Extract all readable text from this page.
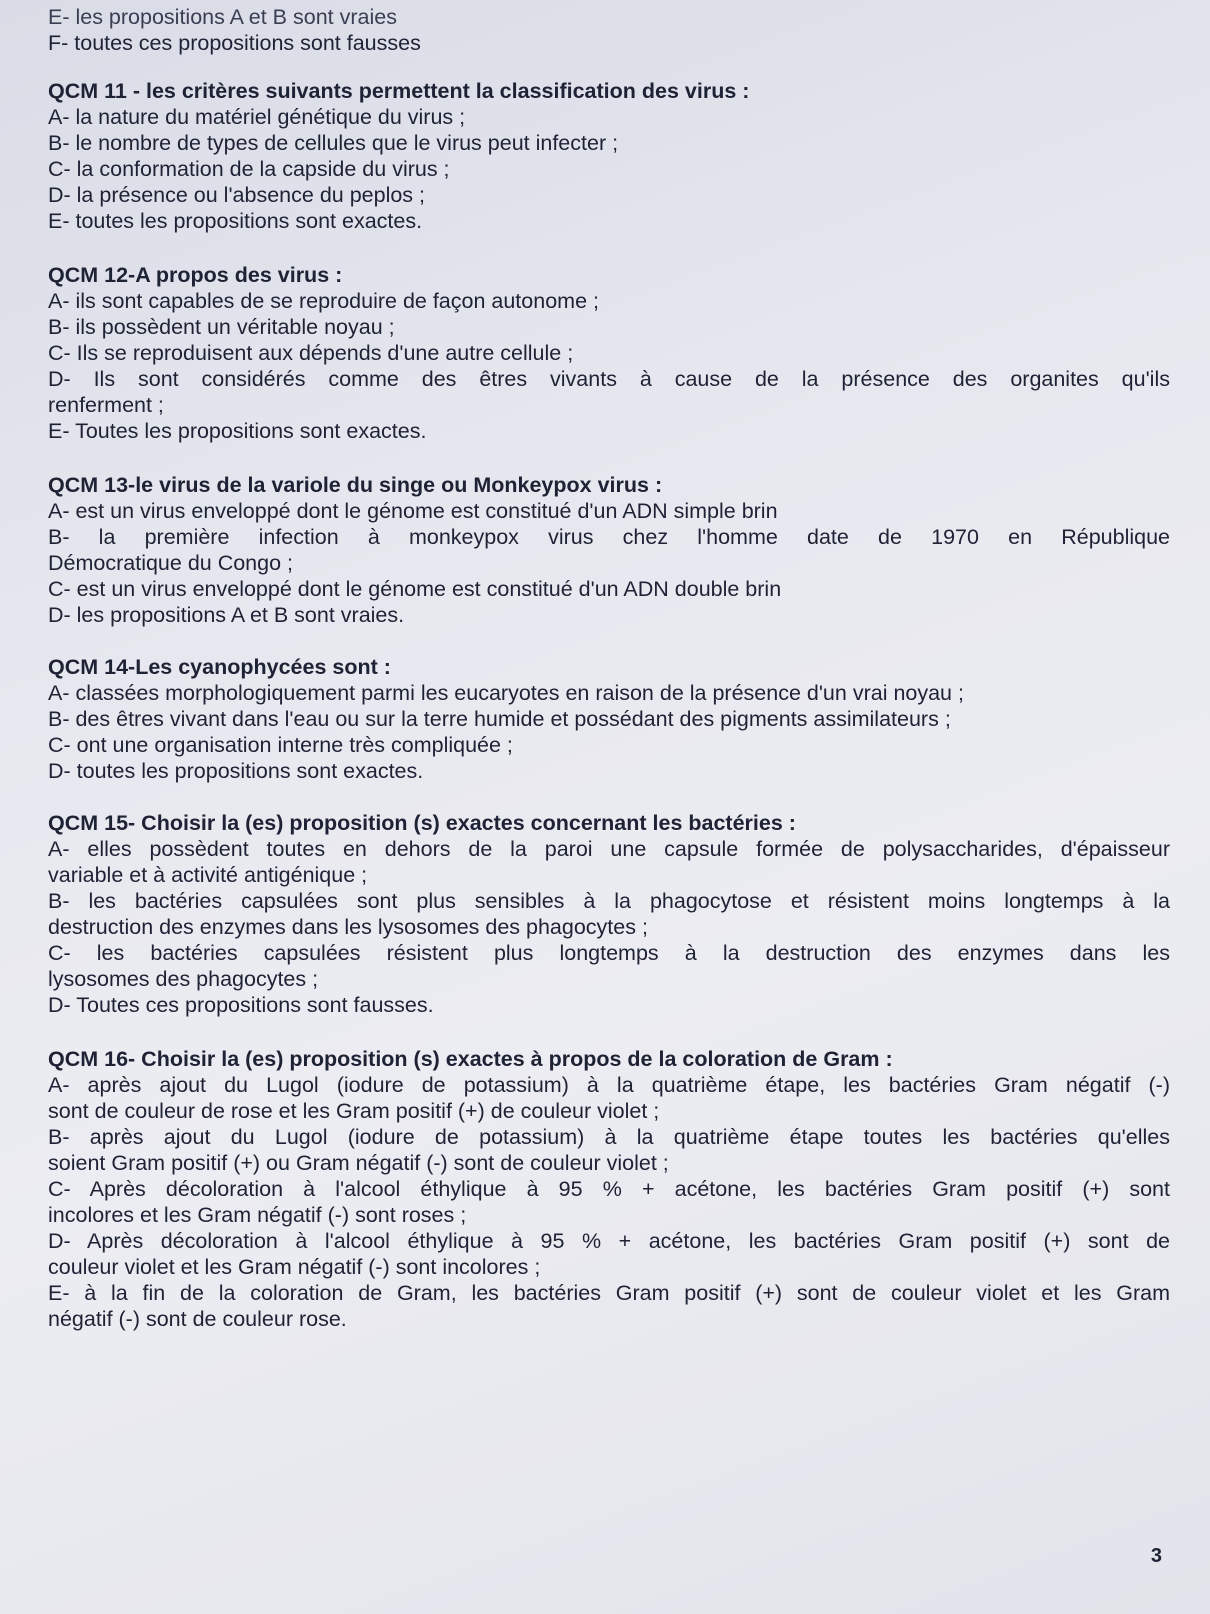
E- les propositions A et B sont vraies
F- toutes ces propositions sont fausses
QCM 11 - les critères suivants permettent la classification des virus :
A- la nature du matériel génétique du virus ;
B- le nombre de types de cellules que le virus peut infecter ;
C- la conformation de la capside du virus ;
D- la présence ou l'absence du peplos ;
E- toutes les propositions sont exactes.
QCM 12-A propos des virus :
A- ils sont capables de se reproduire de façon autonome ;
B- ils possèdent un véritable noyau ;
C- Ils se reproduisent aux dépends d'une autre cellule ;
D- Ils sont considérés comme des êtres vivants à cause de la présence des organites qu'ils
renferment ;
E- Toutes les propositions sont exactes.
QCM 13-le virus de la variole du singe ou Monkeypox virus :
A- est un virus enveloppé dont le génome est constitué d'un ADN simple brin
B- la première infection à monkeypox virus chez l'homme date de 1970 en République
Démocratique du Congo ;
C- est un virus enveloppé dont le génome est constitué d'un ADN double brin
D- les propositions A et B sont vraies.
QCM 14-Les cyanophycées sont :
A- classées morphologiquement parmi les eucaryotes en raison de la présence d'un vrai noyau ;
B- des êtres vivant dans l'eau ou sur la terre humide et possédant des pigments assimilateurs ;
C- ont une organisation interne très compliquée ;
D- toutes les propositions sont exactes.
QCM 15- Choisir la (es) proposition (s) exactes concernant les bactéries :
A- elles possèdent toutes en dehors de la paroi une capsule formée de polysaccharides, d'épaisseur
variable et à activité antigénique ;
B- les bactéries capsulées sont plus sensibles à la phagocytose et résistent moins longtemps à la
destruction des enzymes dans les lysosomes des phagocytes ;
C- les bactéries capsulées résistent plus longtemps à la destruction des enzymes dans les
lysosomes des phagocytes ;
D- Toutes ces propositions sont fausses.
QCM 16- Choisir la (es) proposition (s) exactes à propos de la coloration de Gram :
A- après ajout du Lugol (iodure de potassium) à la quatrième étape, les bactéries Gram négatif (-)
sont de couleur de rose et les Gram positif (+) de couleur violet ;
B- après ajout du Lugol (iodure de potassium) à la quatrième étape toutes les bactéries qu'elles
soient Gram positif (+) ou Gram négatif (-) sont de couleur violet ;
C- Après décoloration à l'alcool éthylique à 95 % + acétone, les bactéries Gram positif (+) sont
incolores et les Gram négatif (-) sont roses ;
D- Après décoloration à l'alcool éthylique à 95 % + acétone, les bactéries Gram positif (+) sont de
couleur violet et les Gram négatif (-) sont incolores ;
E- à la fin de la coloration de Gram, les bactéries Gram positif (+) sont de couleur violet et les Gram
négatif (-) sont de couleur rose.
3
